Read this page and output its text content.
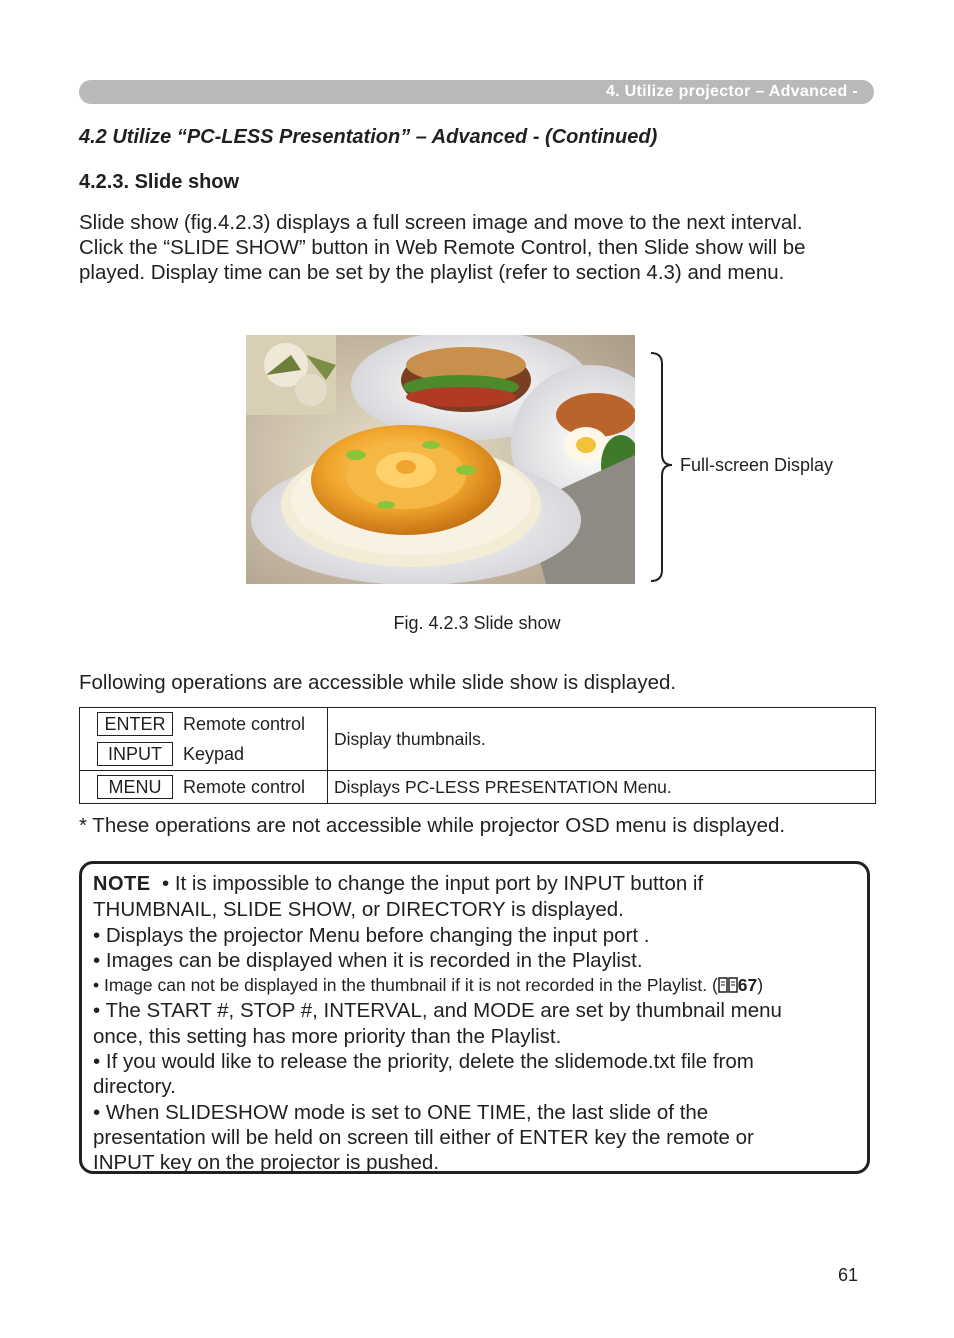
4. Utilize projector – Advanced -
4.2 Utilize “PC-LESS Presentation” – Advanced - (Continued)
4.2.3. Slide show

Slide show (fig.4.2.3) displays a full screen image and move to the next interval.
Click the “SLIDE SHOW” button in Web Remote Control, then Slide show will be
played. Display time can be set by the playlist (refer to section 4.3) and menu.

Full-screen Display
Fig. 4.2.3 Slide show
Following operations are accessible while slide show is displayed.
ENTER Remote control
INPUT Keypad	Display thumbnails.

MENU Remote control	Displays PC-LESS PRESENTATION Menu.
* These operations are not accessible while projector OSD menu is displayed.
NOTE • It is impossible to change the input port by INPUT button if
THUMBNAIL, SLIDE SHOW, or DIRECTORY is displayed.
• Displays the projector Menu before changing the input port .
• Images can be displayed when it is recorded in the Playlist.
• Image can not be displayed in the thumbnail if it is not recorded in the Playlist. ( 67)
• The START #, STOP #, INTERVAL, and MODE are set by thumbnail menu
once, this setting has more priority than the Playlist.
• If you would like to release the priority, delete the slidemode.txt file from
directory.
• When SLIDESHOW mode is set to ONE TIME, the last slide of the
presentation will be held on screen till either of ENTER key the remote or
INPUT key on the projector is pushed.
61
